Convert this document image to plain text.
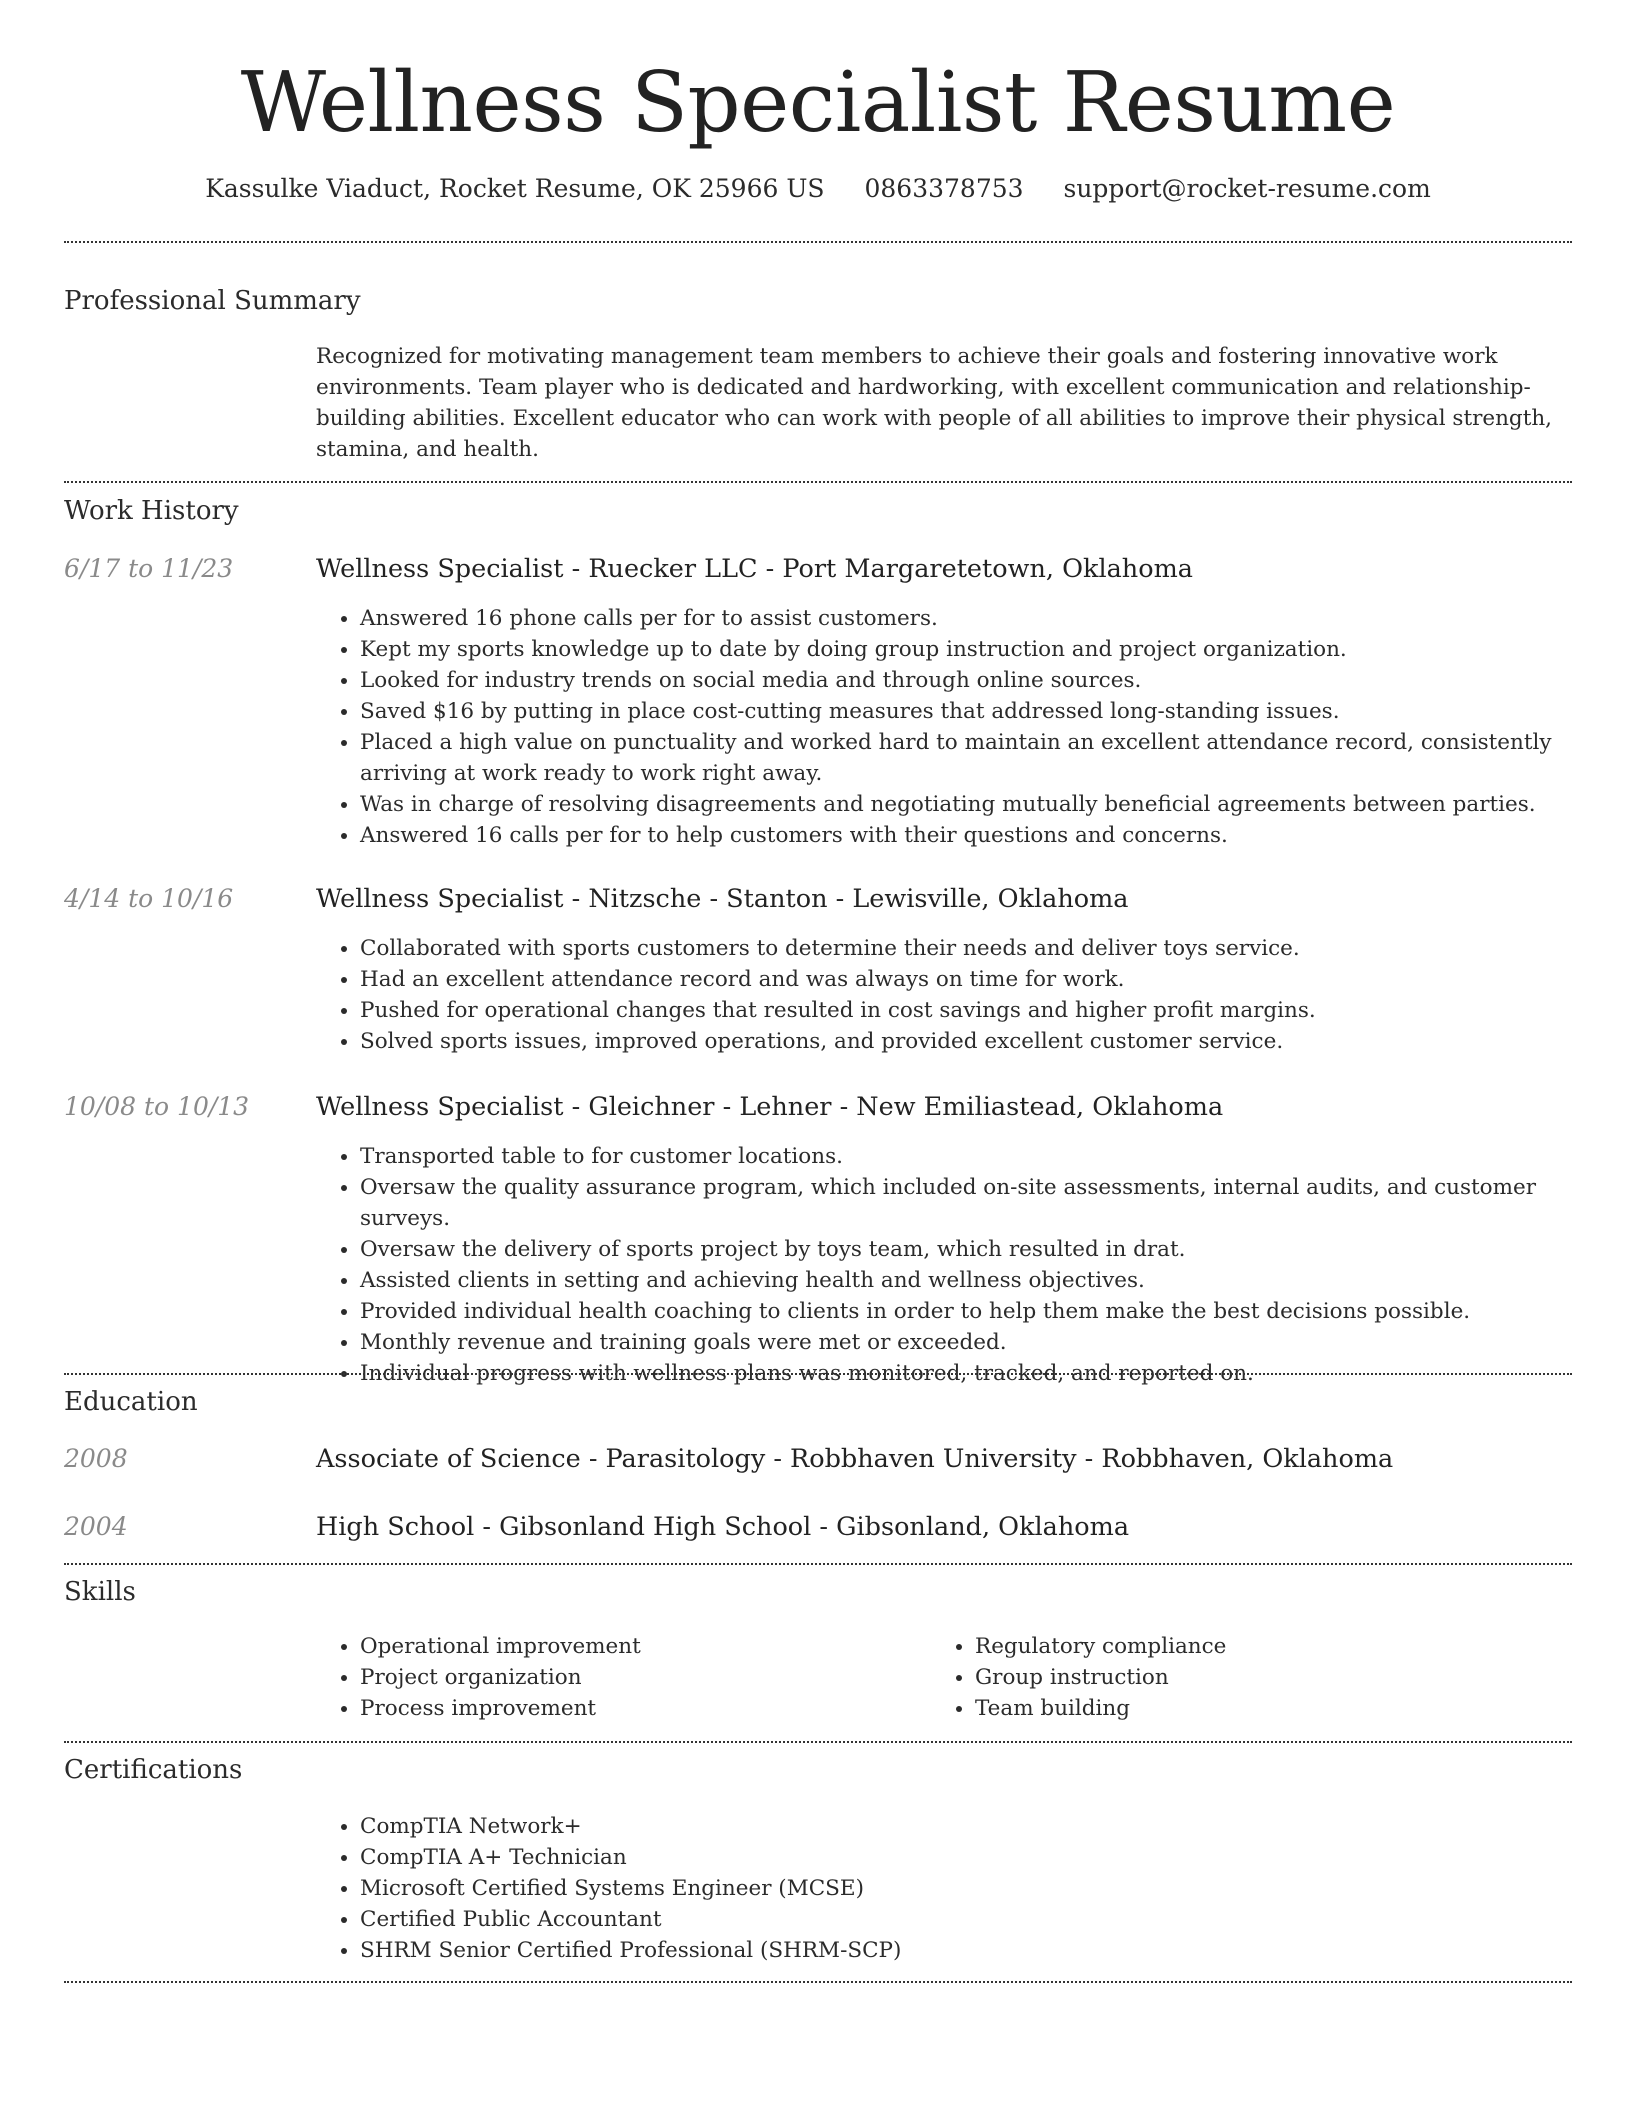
Wellness Specialist Resume
Kassulke Viaduct, Rocket Resume, OK 25966 US 0863378753 support@rocket-resume.com
Professional Summary

Recognized for motivating management team members to achieve their goals and fostering innovative work environments. Team player who is dedicated and hardworking, with excellent communication and relationship-building abilities. Excellent educator who can work with people of all abilities to improve their physical strength, stamina, and health.

Work History
6/17 to 11/23	Wellness Specialist - Ruecker LLC - Port Margaretetown, Oklahoma
• Answered 16 phone calls per for to assist customers.
• Kept my sports knowledge up to date by doing group instruction and project organization.
• Looked for industry trends on social media and through online sources.
• Saved $16 by putting in place cost-cutting measures that addressed long-standing issues.
• Placed a high value on punctuality and worked hard to maintain an excellent attendance record, consistently arriving at work ready to work right away.
• Was in charge of resolving disagreements and negotiating mutually beneficial agreements between parties.
• Answered 16 calls per for to help customers with their questions and concerns.
4/14 to 10/16	Wellness Specialist - Nitzsche - Stanton - Lewisville, Oklahoma
• Collaborated with sports customers to determine their needs and deliver toys service.
• Had an excellent attendance record and was always on time for work.
• Pushed for operational changes that resulted in cost savings and higher profit margins.
• Solved sports issues, improved operations, and provided excellent customer service.
10/08 to 10/13	Wellness Specialist - Gleichner - Lehner - New Emiliastead, Oklahoma
• Transported table to for customer locations.
• Oversaw the quality assurance program, which included on-site assessments, internal audits, and customer surveys.
• Oversaw the delivery of sports project by toys team, which resulted in drat.
• Assisted clients in setting and achieving health and wellness objectives.
• Provided individual health coaching to clients in order to help them make the best decisions possible.
• Monthly revenue and training goals were met or exceeded.
• Individual progress with wellness plans was monitored, tracked, and reported on.
Education
2008	Associate of Science - Parasitology - Robbhaven University - Robbhaven, Oklahoma
2004	High School - Gibsonland High School - Gibsonland, Oklahoma
Skills
• Operational improvement
• Project organization
• Process improvement
• Regulatory compliance
• Group instruction
• Team building
Certifications
• CompTIA Network+
• CompTIA A+ Technician
• Microsoft Certified Systems Engineer (MCSE)
• Certified Public Accountant
• SHRM Senior Certified Professional (SHRM-SCP)
